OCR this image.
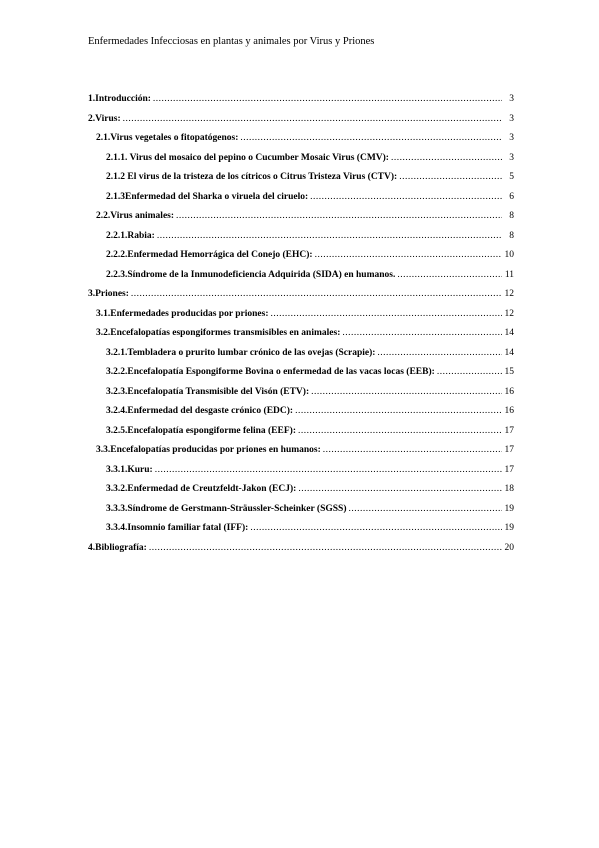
Enfermedades Infecciosas en plantas y animales por Virus y Priones
1.Introducción: .....	3
2.Virus: .....	3
2.1.Virus vegetales o fitopatógenos: .....	3
2.1.1. Virus del mosaico del pepino o Cucumber Mosaic Virus (CMV): .....	3
2.1.2 El virus de la tristeza de los cítricos o Citrus Tristeza Virus (CTV): .....	5
2.1.3Enfermedad del Sharka o viruela del ciruelo: .....	6
2.2.Virus animales: .....	8
2.2.1.Rabia: .....	8
2.2.2.Enfermedad Hemorrágica del Conejo (EHC): .....	10
2.2.3.Síndrome de la Inmunodeficiencia Adquirida (SIDA) en humanos. .....	11
3.Priones: .....	12
3.1.Enfermedades producidas por priones: .....	12
3.2.Encefalopatías espongiformes transmisibles en animales: .....	14
3.2.1.Tembladera o prurito lumbar crónico de las ovejas (Scrapie): .....	14
3.2.2.Encefalopatía Espongiforme Bovina o enfermedad de las vacas locas (EEB): .....	15
3.2.3.Encefalopatía Transmisible del Visón (ETV): .....	16
3.2.4.Enfermedad del desgaste crónico (EDC): .....	16
3.2.5.Encefalopatía espongiforme felina (EEF): .....	17
3.3.Encefalopatías producidas por priones en humanos: .....	17
3.3.1.Kuru: .....	17
3.3.2.Enfermedad de Creutzfeldt-Jakon (ECJ): .....	18
3.3.3.Síndrome de Gerstmann-Sträussler-Scheinker (SGSS) .....	19
3.3.4.Insomnio familiar fatal (IFF): .....	19
4.Bibliografía: .....	20
